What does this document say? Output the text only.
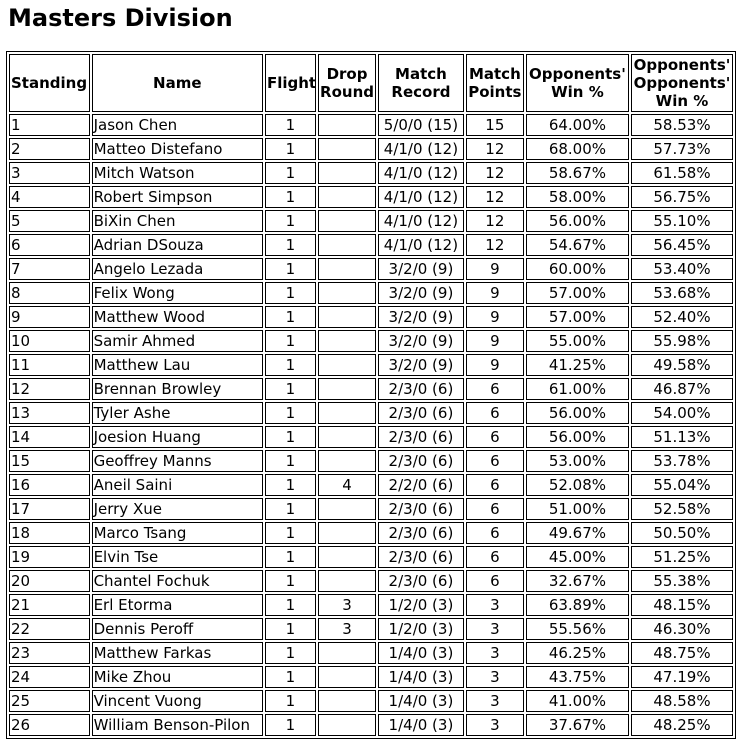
Masters Division
Standing	Name	Flight	Drop Round	Match Record	Match Points	Opponents' Win %	Opponents' Opponents' Win %
1	Jason Chen	1		5/0/0 (15)	15	64.00%	58.53%
2	Matteo Distefano	1		4/1/0 (12)	12	68.00%	57.73%
3	Mitch Watson	1		4/1/0 (12)	12	58.67%	61.58%
4	Robert Simpson	1		4/1/0 (12)	12	58.00%	56.75%
5	BiXin Chen	1		4/1/0 (12)	12	56.00%	55.10%
6	Adrian DSouza	1		4/1/0 (12)	12	54.67%	56.45%
7	Angelo Lezada	1		3/2/0 (9)	9	60.00%	53.40%
8	Felix Wong	1		3/2/0 (9)	9	57.00%	53.68%
9	Matthew Wood	1		3/2/0 (9)	9	57.00%	52.40%
10	Samir Ahmed	1		3/2/0 (9)	9	55.00%	55.98%
11	Matthew Lau	1		3/2/0 (9)	9	41.25%	49.58%
12	Brennan Browley	1		2/3/0 (6)	6	61.00%	46.87%
13	Tyler Ashe	1		2/3/0 (6)	6	56.00%	54.00%
14	Joesion Huang	1		2/3/0 (6)	6	56.00%	51.13%
15	Geoffrey Manns	1		2/3/0 (6)	6	53.00%	53.78%
16	Aneil Saini	1	4	2/2/0 (6)	6	52.08%	55.04%
17	Jerry Xue	1		2/3/0 (6)	6	51.00%	52.58%
18	Marco Tsang	1		2/3/0 (6)	6	49.67%	50.50%
19	Elvin Tse	1		2/3/0 (6)	6	45.00%	51.25%
20	Chantel Fochuk	1		2/3/0 (6)	6	32.67%	55.38%
21	Erl Etorma	1	3	1/2/0 (3)	3	63.89%	48.15%
22	Dennis Peroff	1	3	1/2/0 (3)	3	55.56%	46.30%
23	Matthew Farkas	1		1/4/0 (3)	3	46.25%	48.75%
24	Mike Zhou	1		1/4/0 (3)	3	43.75%	47.19%
25	Vincent Vuong	1		1/4/0 (3)	3	41.00%	48.58%
26	William Benson-Pilon	1		1/4/0 (3)	3	37.67%	48.25%
